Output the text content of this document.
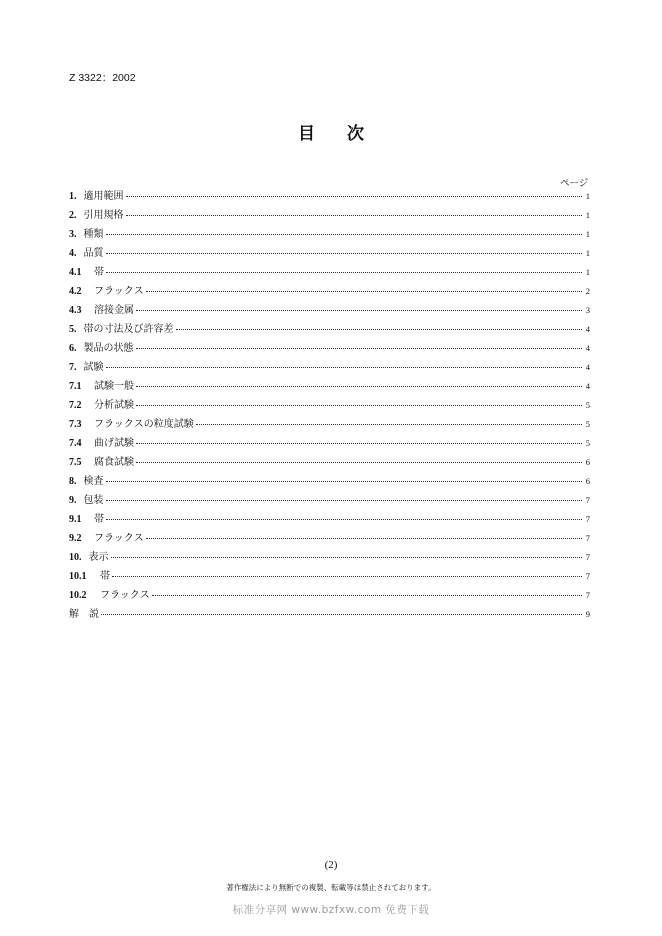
Z 3322：2002
目 次
ページ
1. 適用範囲	1
2. 引用規格	1
3. 種類	1
4. 品質	1
4.1	帯	1
4.2	フラックス	2
4.3	溶接金属	3
5. 帯の寸法及び許容差	4
6. 製品の状態	4
7. 試験	4
7.1	試験一般	4
7.2	分析試験	5
7.3	フラックスの粒度試験	5
7.4	曲げ試験	5
7.5	腐食試験	6
8. 検査	6
9. 包装	7
9.1	帯	7
9.2	フラックス	7
10. 表示	7
10.1	帯	7
10.2	フラックス	7
解　説	9
(2)
著作権法により無断での複製、転載等は禁止されております。
标准分享网 www.bzfxw.com 免费下载
